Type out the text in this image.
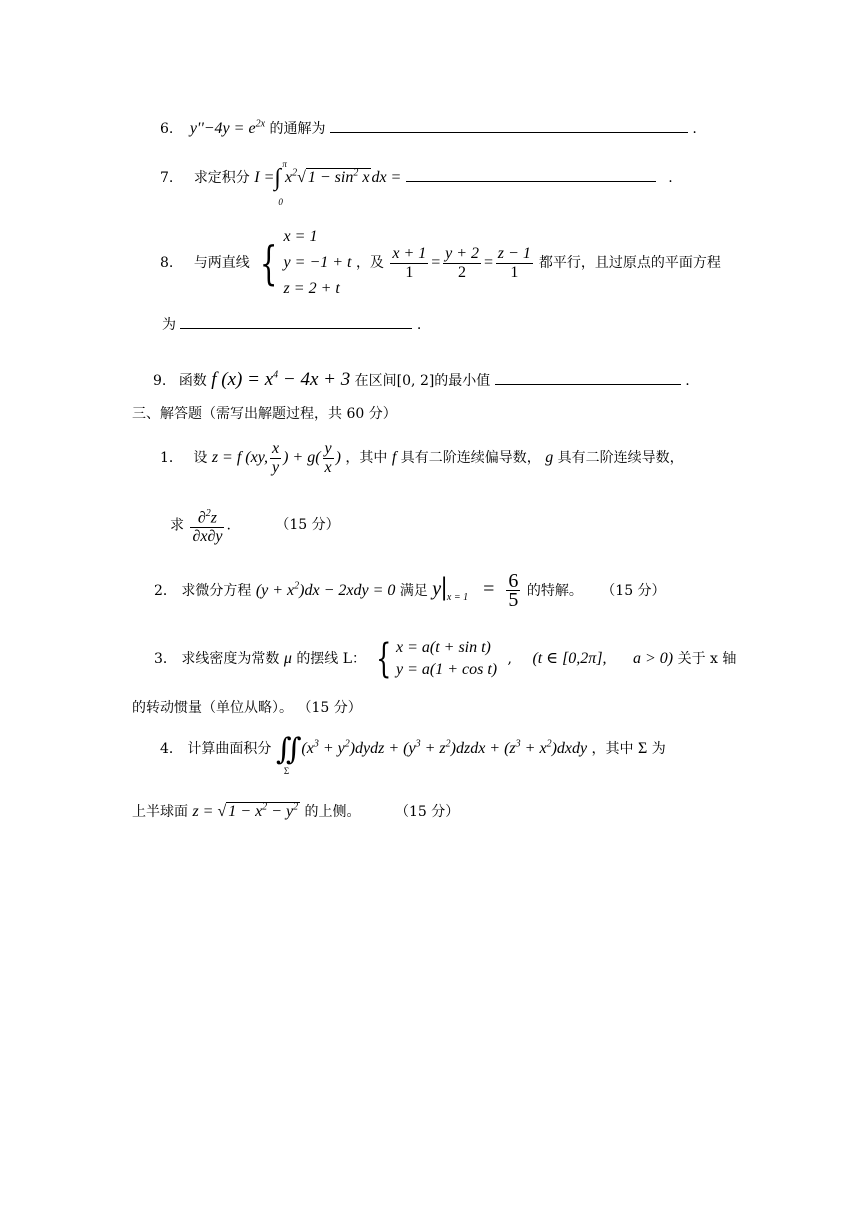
6. $y''-4y = e^{2x}$ 的通解为	.
7. 求定积分 I =∫
π
0
$x^2√$ $1 - \sin^2 x$ dx =	.
8. 与两直线 { x = 1
y = −1 + t
z = 2 + t ，及 $\frac{x + 1}{1} = \frac{y + 2}{2} = \frac{z - 1}{1}$ 都平行，且过原点的平面方程
为	.
9. 函数 f $(x) = x^4 - 4x + 3$ 在区间[0, 2]的最小值	.
三、解答题（需写出解题过程，共 60 分）
1． 设 z = f (xy, $\frac{x}{y}$ ) + $g( \frac{y}{x}$ ) ，其中 f 具有二阶连续偏导数， g 具有二阶连续导数，
求 $\frac{\partial^2z}{\partial x\partial y}$ .	（15 分）
2． 求微分方程 $(y + x^2)dx - 2xdy = 0$ 满足 $y|_{x = 1} = \frac{6}{5}$ 的特解。 （15 分）
3． 求线密度为常数 μ 的摆线 L： { x = a(t + sin t)
y = a(1 + cos t) , (t ∈ [0,2π], a > 0) 关于 x 轴
的转动惯量（单位从略）。 （15 分）
4． 计算曲面积分 ∬
Σ
($x^3$ + $y^2)dydz + (y^3$ + $z^2)dzdx + (z^3$ + $x^2)dxdy$ ，其中 Σ 为
上半球面 z = √ $1 - x^2 - y^2$ 的上侧。 （15 分）
